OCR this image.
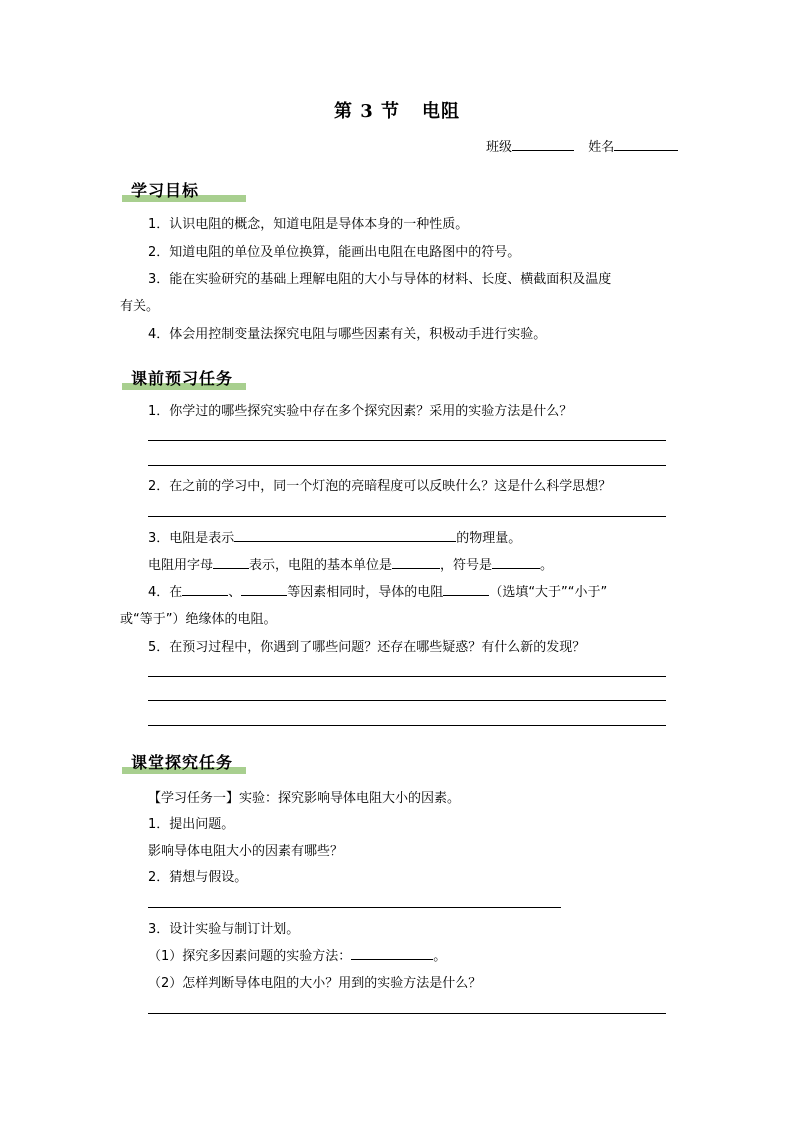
第 3 节 电阻
班级	姓名
学习目标
1．认识电阻的概念，知道电阻是导体本身的一种性质。
2．知道电阻的单位及单位换算，能画出电阻在电路图中的符号。
3．能在实验研究的基础上理解电阻的大小与导体的材料、长度、横截面积及温度
有关。
4．体会用控制变量法探究电阻与哪些因素有关，积极动手进行实验。
课前预习任务
1．你学过的哪些探究实验中存在多个探究因素？采用的实验方法是什么？
2．在之前的学习中，同一个灯泡的亮暗程度可以反映什么？这是什么科学思想？
3．电阻是表示	的物理量。
电阻用字母	表示，电阻的基本单位是	，符号是	。
4．在	、	等因素相同时，导体的电阻	（选填“大于”“小于”
或“等于”）绝缘体的电阻。
5．在预习过程中，你遇到了哪些问题？还存在哪些疑惑？有什么新的发现？
课堂探究任务
【学习任务一】实验：探究影响导体电阻大小的因素。
1．提出问题。
影响导体电阻大小的因素有哪些？
2．猜想与假设。
3．设计实验与制订计划。
（1）探究多因素问题的实验方法：	。
（2）怎样判断导体电阻的大小？用到的实验方法是什么？
